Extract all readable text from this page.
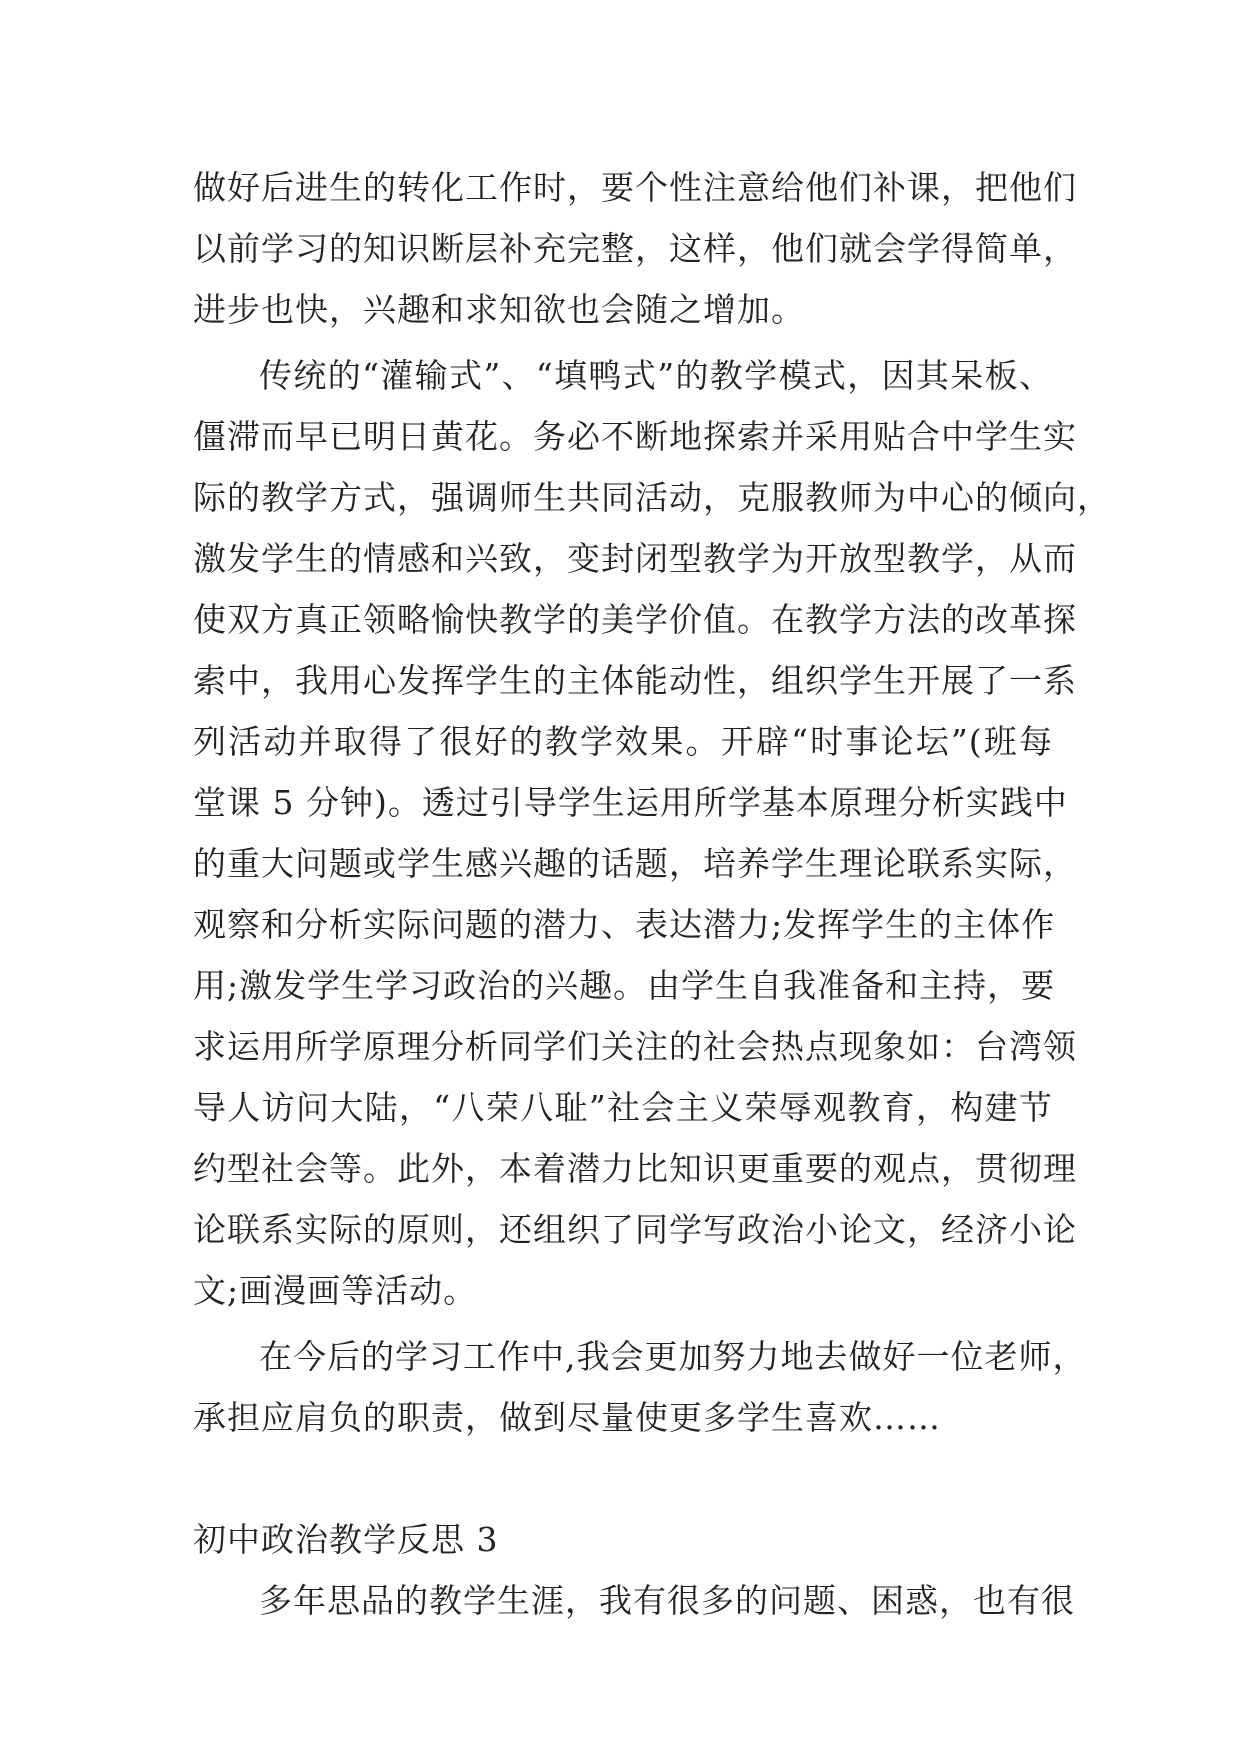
做好后进生的转化工作时，要个性注意给他们补课，把他们
以前学习的知识断层补充完整，这样，他们就会学得简单，
进步也快，兴趣和求知欲也会随之增加。
传统的“灌输式”、“填鸭式”的教学模式，因其呆板、
僵滞而早已明日黄花。务必不断地探索并采用贴合中学生实
际的教学方式，强调师生共同活动，克服教师为中心的倾向，
激发学生的情感和兴致，变封闭型教学为开放型教学，从而
使双方真正领略愉快教学的美学价值。在教学方法的改革探
索中，我用心发挥学生的主体能动性，组织学生开展了一系
列活动并取得了很好的教学效果。开辟“时事论坛”(班每
堂课 5 分钟)。透过引导学生运用所学基本原理分析实践中
的重大问题或学生感兴趣的话题，培养学生理论联系实际，
观察和分析实际问题的潜力、表达潜力;发挥学生的主体作
用;激发学生学习政治的兴趣。由学生自我准备和主持，要
求运用所学原理分析同学们关注的社会热点现象如：台湾领
导人访问大陆，“八荣八耻”社会主义荣辱观教育，构建节
约型社会等。此外，本着潜力比知识更重要的观点，贯彻理
论联系实际的原则，还组织了同学写政治小论文，经济小论
文;画漫画等活动。
在今后的学习工作中,我会更加努力地去做好一位老师，
承担应肩负的职责，做到尽量使更多学生喜欢……
初中政治教学反思 3
多年思品的教学生涯，我有很多的问题、困惑，也有很
